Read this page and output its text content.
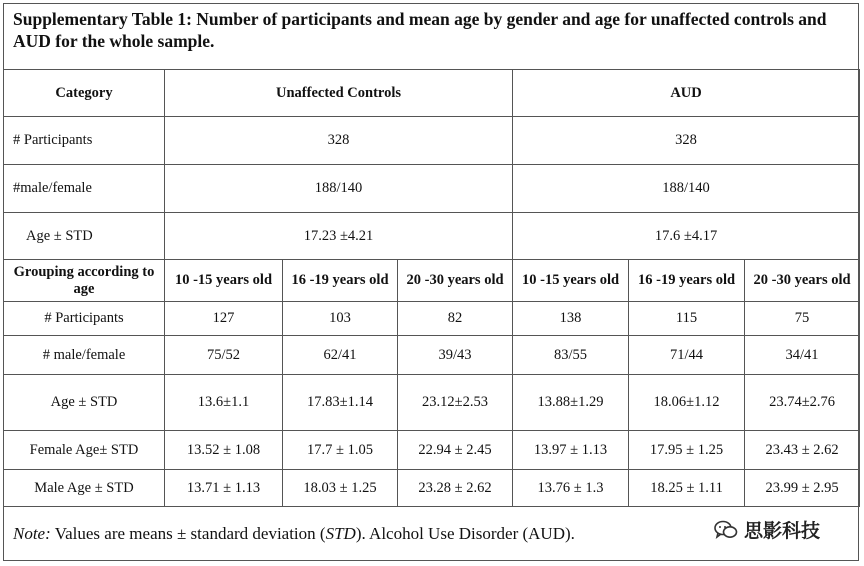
Supplementary Table 1: Number of participants and mean age by gender and age for unaffected controls and AUD for the whole sample.
Category	Unaffected Controls			AUD		
# Participants	328			328		
#male/female	188/140			188/140		
Age ± STD	17.23 ±4.21			17.6 ±4.17		
Grouping according to age	10 -15 years old	16 -19 years old	20 -30 years old	10 -15 years old	16 -19 years old	20 -30 years old
# Participants	127	103	82	138	115	75
# male/female	75/52	62/41	39/43	83/55	71/44	34/41
Age ± STD	13.6±1.1	17.83±1.14	23.12±2.53	13.88±1.29	18.06±1.12	23.74±2.76
Female Age± STD	13.52 ± 1.08	17.7 ± 1.05	22.94 ± 2.45	13.97 ± 1.13	17.95 ± 1.25	23.43 ± 2.62
Male Age ± STD	13.71 ± 1.13	18.03 ± 1.25	23.28 ± 2.62	13.76 ± 1.3	18.25 ± 1.11	23.99 ± 2.95
Note: Values are means ± standard deviation (STD). Alcohol Use Disorder (AUD).	思影科技
